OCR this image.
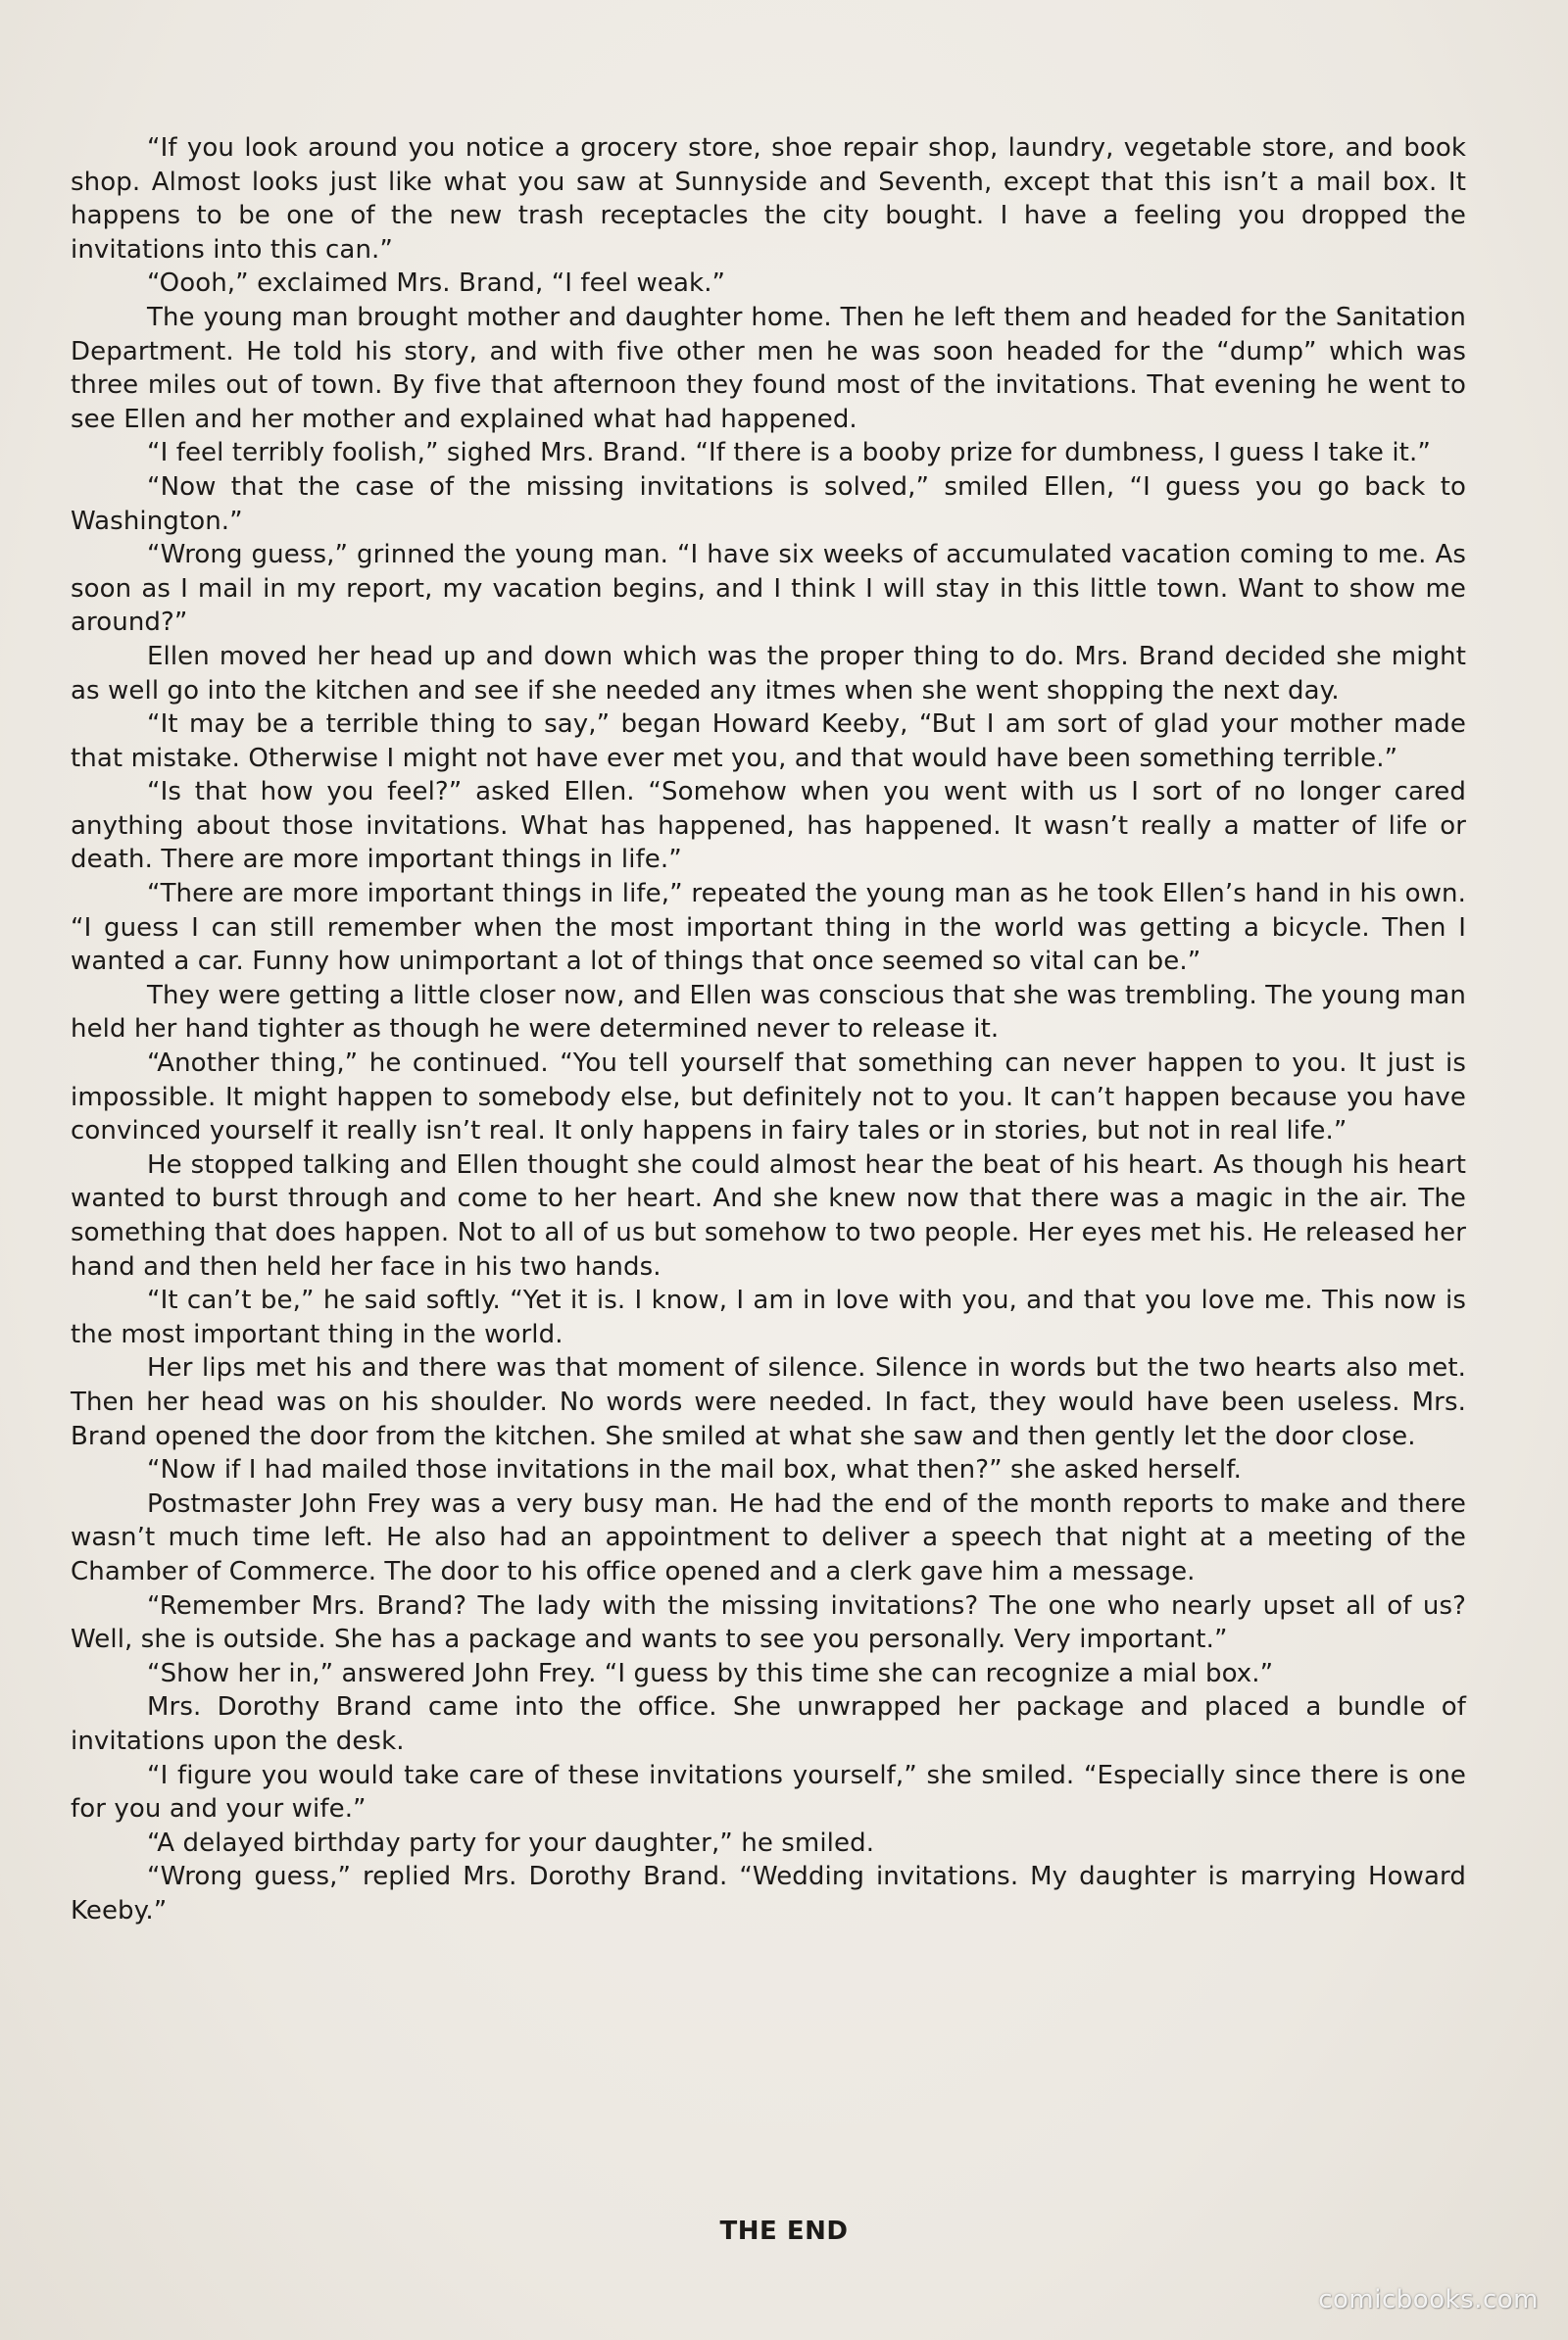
“If you look around you notice a grocery store, shoe repair shop, laundry, vegetable store, and book shop. Almost looks just like what you saw at Sunnyside and Seventh, except that this isn’t a mail box. It happens to be one of the new trash receptacles the city bought. I have a feeling you dropped the invitations into this can.”

“Oooh,” exclaimed Mrs. Brand, “I feel weak.”

The young man brought mother and daughter home. Then he left them and headed for the Sanitation Department. He told his story, and with five other men he was soon headed for the “dump” which was three miles out of town. By five that afternoon they found most of the invitations. That evening he went to see Ellen and her mother and explained what had happened.

“I feel terribly foolish,” sighed Mrs. Brand. “If there is a booby prize for dumbness, I guess I take it.”

“Now that the case of the missing invitations is solved,” smiled Ellen, “I guess you go back to Washington.”

“Wrong guess,” grinned the young man. “I have six weeks of accumulated vacation coming to me. As soon as I mail in my report, my vacation begins, and I think I will stay in this little town. Want to show me around?”

Ellen moved her head up and down which was the proper thing to do. Mrs. Brand decided she might as well go into the kitchen and see if she needed any itmes when she went shopping the next day.

“It may be a terrible thing to say,” began Howard Keeby, “But I am sort of glad your mother made that mistake. Otherwise I might not have ever met you, and that would have been something terrible.”

“Is that how you feel?” asked Ellen. “Somehow when you went with us I sort of no longer cared anything about those invitations. What has happened, has happened. It wasn’t really a matter of life or death. There are more important things in life.”

“There are more important things in life,” repeated the young man as he took Ellen’s hand in his own. “I guess I can still remember when the most important thing in the world was getting a bicycle. Then I wanted a car. Funny how unimportant a lot of things that once seemed so vital can be.”

They were getting a little closer now, and Ellen was conscious that she was trembling. The young man held her hand tighter as though he were determined never to release it.

“Another thing,” he continued. “You tell yourself that something can never happen to you. It just is impossible. It might happen to somebody else, but definitely not to you. It can’t happen because you have convinced yourself it really isn’t real. It only happens in fairy tales or in stories, but not in real life.”

He stopped talking and Ellen thought she could almost hear the beat of his heart. As though his heart wanted to burst through and come to her heart. And she knew now that there was a magic in the air. The something that does happen. Not to all of us but somehow to two people. Her eyes met his. He released her hand and then held her face in his two hands.

“It can’t be,” he said softly. “Yet it is. I know, I am in love with you, and that you love me. This now is the most important thing in the world.

Her lips met his and there was that moment of silence. Silence in words but the two hearts also met. Then her head was on his shoulder. No words were needed. In fact, they would have been useless. Mrs. Brand opened the door from the kitchen. She smiled at what she saw and then gently let the door close.

“Now if I had mailed those invitations in the mail box, what then?” she asked herself.

Postmaster John Frey was a very busy man. He had the end of the month reports to make and there wasn’t much time left. He also had an appointment to deliver a speech that night at a meeting of the Chamber of Commerce. The door to his office opened and a clerk gave him a message.

“Remember Mrs. Brand? The lady with the missing invitations? The one who nearly upset all of us? Well, she is outside. She has a package and wants to see you personally. Very important.”

“Show her in,” answered John Frey. “I guess by this time she can recognize a mial box.”

Mrs. Dorothy Brand came into the office. She unwrapped her package and placed a bundle of invitations upon the desk.

“I figure you would take care of these invitations yourself,” she smiled. “Especially since there is one for you and your wife.”

“A delayed birthday party for your daughter,” he smiled.

“Wrong guess,” replied Mrs. Dorothy Brand. “Wedding invitations. My daughter is marrying Howard Keeby.”

THE END
comicbooks.com
